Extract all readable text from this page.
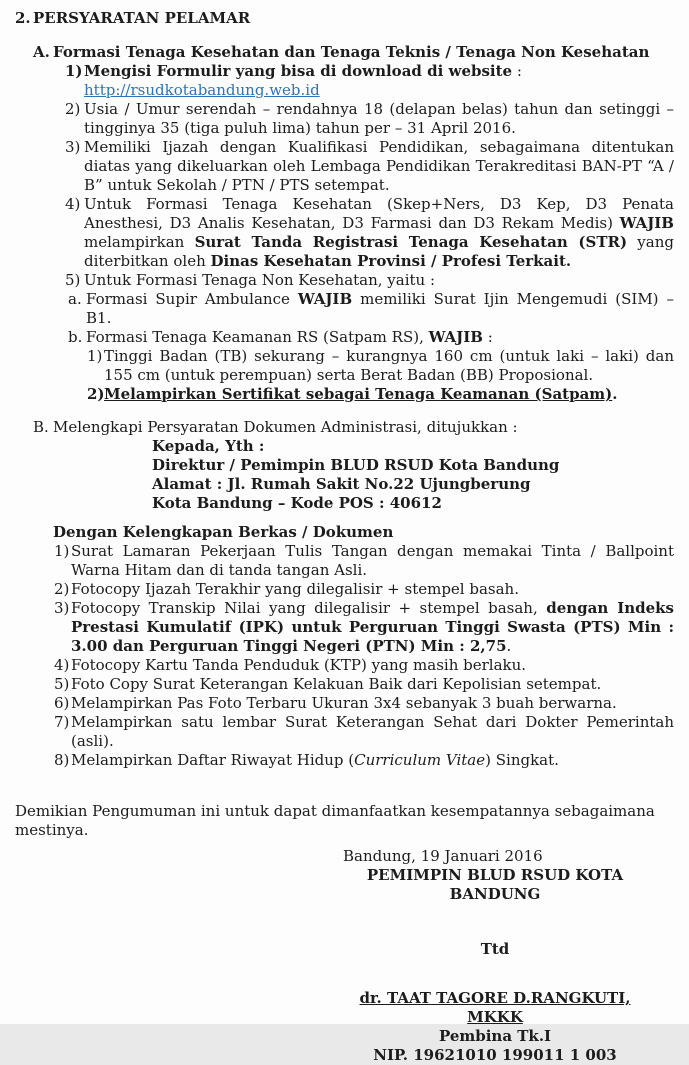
2. PERSYARATAN PELAMAR
A. Formasi Tenaga Kesehatan dan Tenaga Teknis / Tenaga Non Kesehatan
1) Mengisi Formulir yang bisa di download di website :
http://rsudkotabandung.web.id
2) Usia / Umur serendah – rendahnya 18 (delapan belas) tahun dan setinggi – tingginya 35 (tiga puluh lima) tahun per – 31 April 2016.
3) Memiliki Ijazah dengan Kualifikasi Pendidikan, sebagaimana ditentukan diatas yang dikeluarkan oleh Lembaga Pendidikan Terakreditasi BAN-PT “A / B” untuk Sekolah / PTN / PTS setempat.
4) Untuk Formasi Tenaga Kesehatan (Skep+Ners, D3 Kep, D3 Penata Anesthesi, D3 Analis Kesehatan, D3 Farmasi dan D3 Rekam Medis) WAJIB melampirkan Surat Tanda Registrasi Tenaga Kesehatan (STR) yang diterbitkan oleh Dinas Kesehatan Provinsi / Profesi Terkait.
5) Untuk Formasi Tenaga Non Kesehatan, yaitu :
a. Formasi Supir Ambulance WAJIB memiliki Surat Ijin Mengemudi (SIM) – B1.
b. Formasi Tenaga Keamanan RS (Satpam RS), WAJIB :
1) Tinggi Badan (TB) sekurang – kurangnya 160 cm (untuk laki – laki) dan 155 cm (untuk perempuan) serta Berat Badan (BB) Proposional.
2) Melampirkan Sertifikat sebagai Tenaga Keamanan (Satpam).
B. Melengkapi Persyaratan Dokumen Administrasi, ditujukkan :
Kepada, Yth :
Direktur / Pemimpin BLUD RSUD Kota Bandung
Alamat : Jl. Rumah Sakit No.22 Ujungberung
Kota Bandung – Kode POS : 40612
Dengan Kelengkapan Berkas / Dokumen
1) Surat Lamaran Pekerjaan Tulis Tangan dengan memakai Tinta / Ballpoint Warna Hitam dan di tanda tangan Asli.
2) Fotocopy Ijazah Terakhir yang dilegalisir + stempel basah.
3) Fotocopy Transkip Nilai yang dilegalisir + stempel basah, dengan Indeks Prestasi Kumulatif (IPK) untuk Perguruan Tinggi Swasta (PTS) Min : 3.00 dan Perguruan Tinggi Negeri (PTN) Min : 2,75.
4) Fotocopy Kartu Tanda Penduduk (KTP) yang masih berlaku.
5) Foto Copy Surat Keterangan Kelakuan Baik dari Kepolisian setempat.
6) Melampirkan Pas Foto Terbaru Ukuran 3x4 sebanyak 3 buah berwarna.
7) Melampirkan satu lembar Surat Keterangan Sehat dari Dokter Pemerintah (asli).
8) Melampirkan Daftar Riwayat Hidup (Curriculum Vitae) Singkat.
Demikian Pengumuman ini untuk dapat dimanfaatkan kesempatannya sebagaimana mestinya.
Bandung, 19 Januari 2016
PEMIMPIN BLUD RSUD KOTA BANDUNG
Ttd
dr. TAAT TAGORE D.RANGKUTI, MKKK
Pembina Tk.I
NIP. 19621010 199011 1 003
